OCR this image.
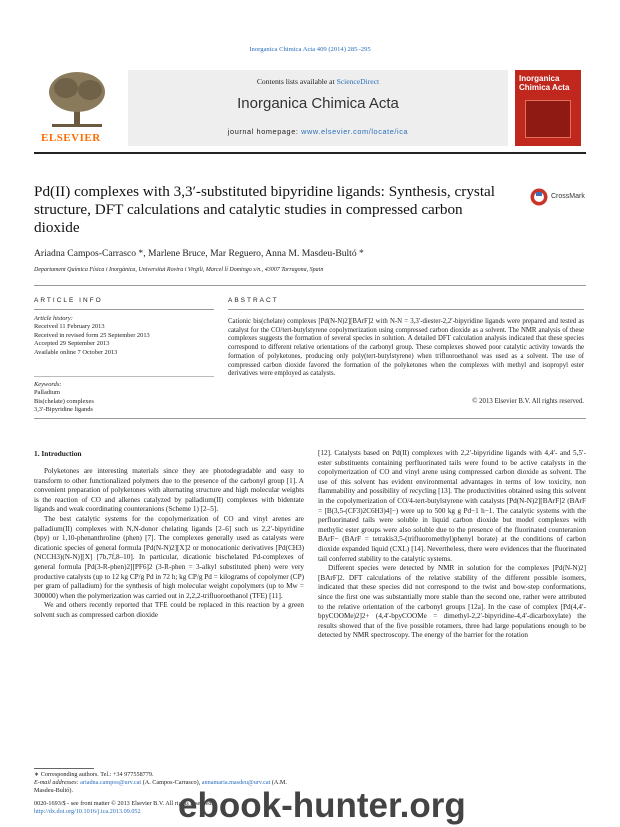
Inorganica Chimica Acta 409 (2014) 285–295
ELSEVIER
Contents lists available at ScienceDirect
Inorganica Chimica Acta
journal homepage: www.elsevier.com/locate/ica
Inorganica Chimica Acta
Pd(II) complexes with 3,3′-substituted bipyridine ligands: Synthesis, crystal structure, DFT calculations and catalytic studies in compressed carbon dioxide
CrossMark
Ariadna Campos-Carrasco *, Marlene Bruce, Mar Reguero, Anna M. Masdeu-Bultó *
Departament Química Física i Inorgànica, Universitat Rovira i Virgili, Marcel lí Domingo s/n., 43007 Tarragona, Spain
ARTICLE INFO
Article history:
Received 11 February 2013
Received in revised form 25 September 2013
Accepted 29 September 2013
Available online 7 October 2013
Keywords:
Palladium
Bis(chelate) complexes
3,3′-Bipyridine ligands
ABSTRACT
Cationic bis(chelate) complexes [Pd(N-N)2][BArF]2 with N-N = 3,3′-diester-2,2′-bipyridine ligands were prepared and tested as catalyst for the CO/tert-butylstyrene copolymerization using compressed carbon dioxide as a solvent. The NMR analysis of these complexes suggests the formation of several species in solution. A detailed DFT calculation analysis indicated that these species correspond to different relative orientations of the carbonyl group. These complexes showed poor catalytic activity towards the formation of polyketones, producing only poly(tert-butylstyrene) when trifluoroethanol was used as a solvent. The use of compressed carbon dioxide favored the formation of the polyketones when the complexes with methyl and isopropyl ester derivatives were employed as catalysts.
© 2013 Elsevier B.V. All rights reserved.
1. Introduction

Polyketones are interesting materials since they are photodegradable and easy to transform to other functionalized polymers due to the presence of the carbonyl group [1]. A convenient preparation of polyketones with alternating structure and high molecular weights is the reaction of CO and alkenes catalyzed by palladium(II) complexes with bidentate ligands and weak coordinating counteranions (Scheme 1) [2–5].

The best catalytic systems for the copolymerization of CO and vinyl arenes are palladium(II) complexes with N,N-donor chelating ligands [2–6] such us 2,2′-bipyridine (bpy) or 1,10-phenanthroline (phen) [7]. The complexes generally used as catalysts were dicationic species of general formula [Pd(N-N)2][X]2 or monocationic derivatives [Pd(CH3)(NCCH3)(N-N)][X] [7b,7f,8–10]. In particular, dicationic bischelated Pd-complexes of general formula [Pd(3-R-phen)2][PF6]2 (3-R-phen = 3-alkyl substituted phen) were very productive catalysts (up to 12 kg CP/g Pd in 72 h; kg CP/g Pd = kilograms of copolymer (CP) per gram of palladium) for the synthesis of high molecular weight copolymers (up to Mw = 300000) when the polymerization was carried out in 2,2,2-trifluoroethanol (TFE) [11].

We and others recently reported that TFE could be replaced in this reaction by a green solvent such as compressed carbon dioxide

[12]. Catalysts based on Pd(II) complexes with 2,2′-bipyridine ligands with 4,4′- and 5,5′-ester substituents containing perfluorinated tails were found to be active catalysts in the copolymerization of CO and vinyl arene using compressed carbon dioxide as solvent. The use of this solvent has evident environmental advantages in terms of low toxicity, non flammability and possibility of recycling [13]. The productivities obtained using this solvent in the copolymerization of CO/4-tert-butylstyrene with catalysts [Pd(N-N)2][BArF]2 (BArF = [B(3,5-(CF3)2C6H3)4]−) were up to 500 kg g Pd−1 h−1. The catalytic systems with the perfluorinated tails were soluble in liquid carbon dioxide but model complexes with methylic ester groups were also soluble due to the presence of the fluorinated counteranion BArF− (BArF = tetrakis3,5-(trifluoromethyl)phenyl borate) at the conditions of carbon dioxide expanded liquid (CXL) [14]. Nevertheless, there were evidences that the fluorinated tail conferred stability to the catalytic systems.

Different species were detected by NMR in solution for the complexes [Pd(N-N)2][BArF]2. DFT calculations of the relative stability of the different possible isomers, indicated that these species did not correspond to the twist and bow-step conformations, since the first one was substantially more stable than the second one, rather were attributed to the relative orientation of the carbonyl groups [12a]. In the case of complex [Pd(4,4′-bpyCOOMe)2]2+ (4,4′-bpyCOOMe = dimethyl-2,2′-bipyridine-4,4′-dicarboxylate) the results showed that of the five possible rotamers, three had large populations enough to be detected by NMR spectroscopy. The energy of the barrier for the rotation

∗ Corresponding authors. Tel.: +34 977558779.
E-mail addresses: ariadna.campos@urv.cat (A. Campos-Carrasco), annamaria.masdeu@urv.cat (A.M. Masdeu-Bultó).
0020-1693/$ - see front matter © 2013 Elsevier B.V. All rights reserved.
http://dx.doi.org/10.1016/j.ica.2013.09.052	ebook-hunter.org
